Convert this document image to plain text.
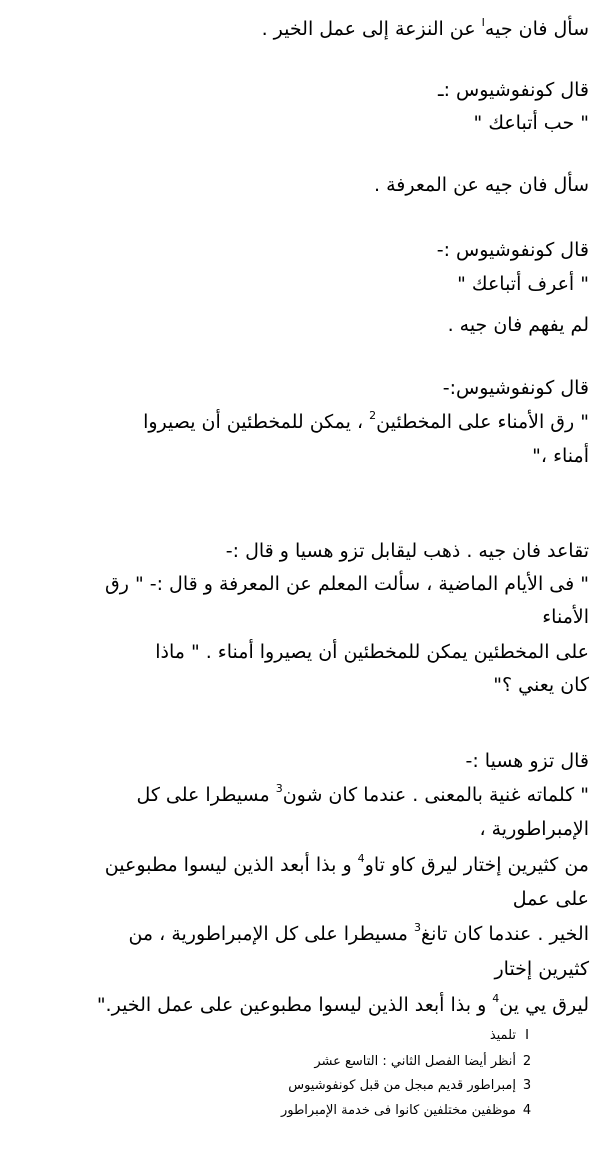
سأل فان جيه$^I$ عن النزعة إلى عمل الخير .

قال كونفوشيوس :ـ

" حب أتباعك "

سأل فان جيه عن المعرفة .

قال كونفوشيوس :-

" أعرف أتباعك "

لم يفهم فان جيه .

قال كونفوشيوس:-

" رق الأمناء على المخطئين$^2$ ، يمكن للمخطئين أن يصيروا

أمناء ،"

تقاعد فان جيه . ذهب ليقابل تزو هسيا و قال :-

" فى الأيام الماضية ، سألت المعلم عن المعرفة و قال :- " رق

الأمناء

على المخطئين يمكن للمخطئين أن يصيروا أمناء . " ماذا

كان يعني ؟"

قال تزو هسيا :-

" كلماته غنية بالمعنى . عندما كان شون$^3$ مسيطرا على كل

الإمبراطورية ،

من كثيرين إختار ليرق كاو تاو$^4$ و بذا أبعد الذين ليسوا مطبوعين

على عمل

الخير . عندما كان تانغ$^3$ مسيطرا على كل الإمبراطورية ، من

كثيرين إختار

ليرق يي ين$^4$ و بذا أبعد الذين ليسوا مطبوعين على عمل الخير."

Iتلميذ
2أنظر أيضا الفصل الثاني : التاسع عشر
3إمبراطور قديم مبجل من قبل كونفوشيوس
4موظفين مختلفين كانوا فى خدمة الإمبراطور
